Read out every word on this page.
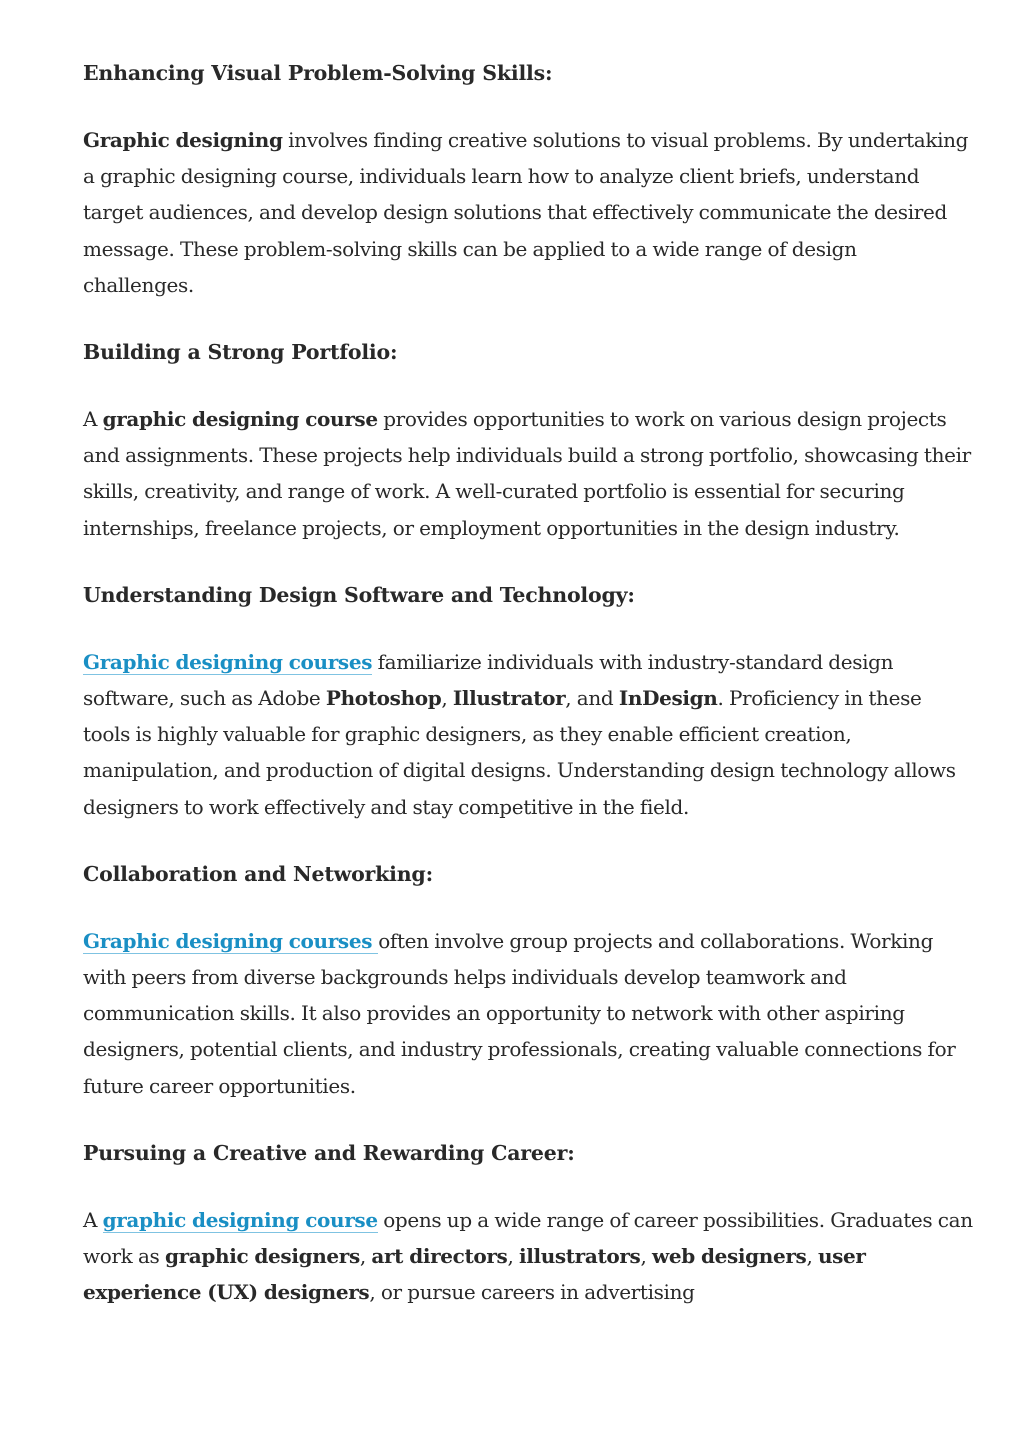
Enhancing Visual Problem-Solving Skills:

Graphic designing involves finding creative solutions to visual problems. By undertaking a graphic designing course, individuals learn how to analyze client briefs, understand target audiences, and develop design solutions that effectively communicate the desired message. These problem-solving skills can be applied to a wide range of design challenges.

Building a Strong Portfolio:

A graphic designing course provides opportunities to work on various design projects and assignments. These projects help individuals build a strong portfolio, showcasing their skills, creativity, and range of work. A well-curated portfolio is essential for securing internships, freelance projects, or employment opportunities in the design industry.

Understanding Design Software and Technology:

Graphic designing courses familiarize individuals with industry-standard design software, such as Adobe Photoshop, Illustrator, and InDesign. Proficiency in these tools is highly valuable for graphic designers, as they enable efficient creation, manipulation, and production of digital designs. Understanding design technology allows designers to work effectively and stay competitive in the field.

Collaboration and Networking:

Graphic designing courses often involve group projects and collaborations. Working with peers from diverse backgrounds helps individuals develop teamwork and communication skills. It also provides an opportunity to network with other aspiring designers, potential clients, and industry professionals, creating valuable connections for future career opportunities.

Pursuing a Creative and Rewarding Career:

A graphic designing course opens up a wide range of career possibilities. Graduates can work as graphic designers, art directors, illustrators, web designers, user experience (UX) designers, or pursue careers in advertising
